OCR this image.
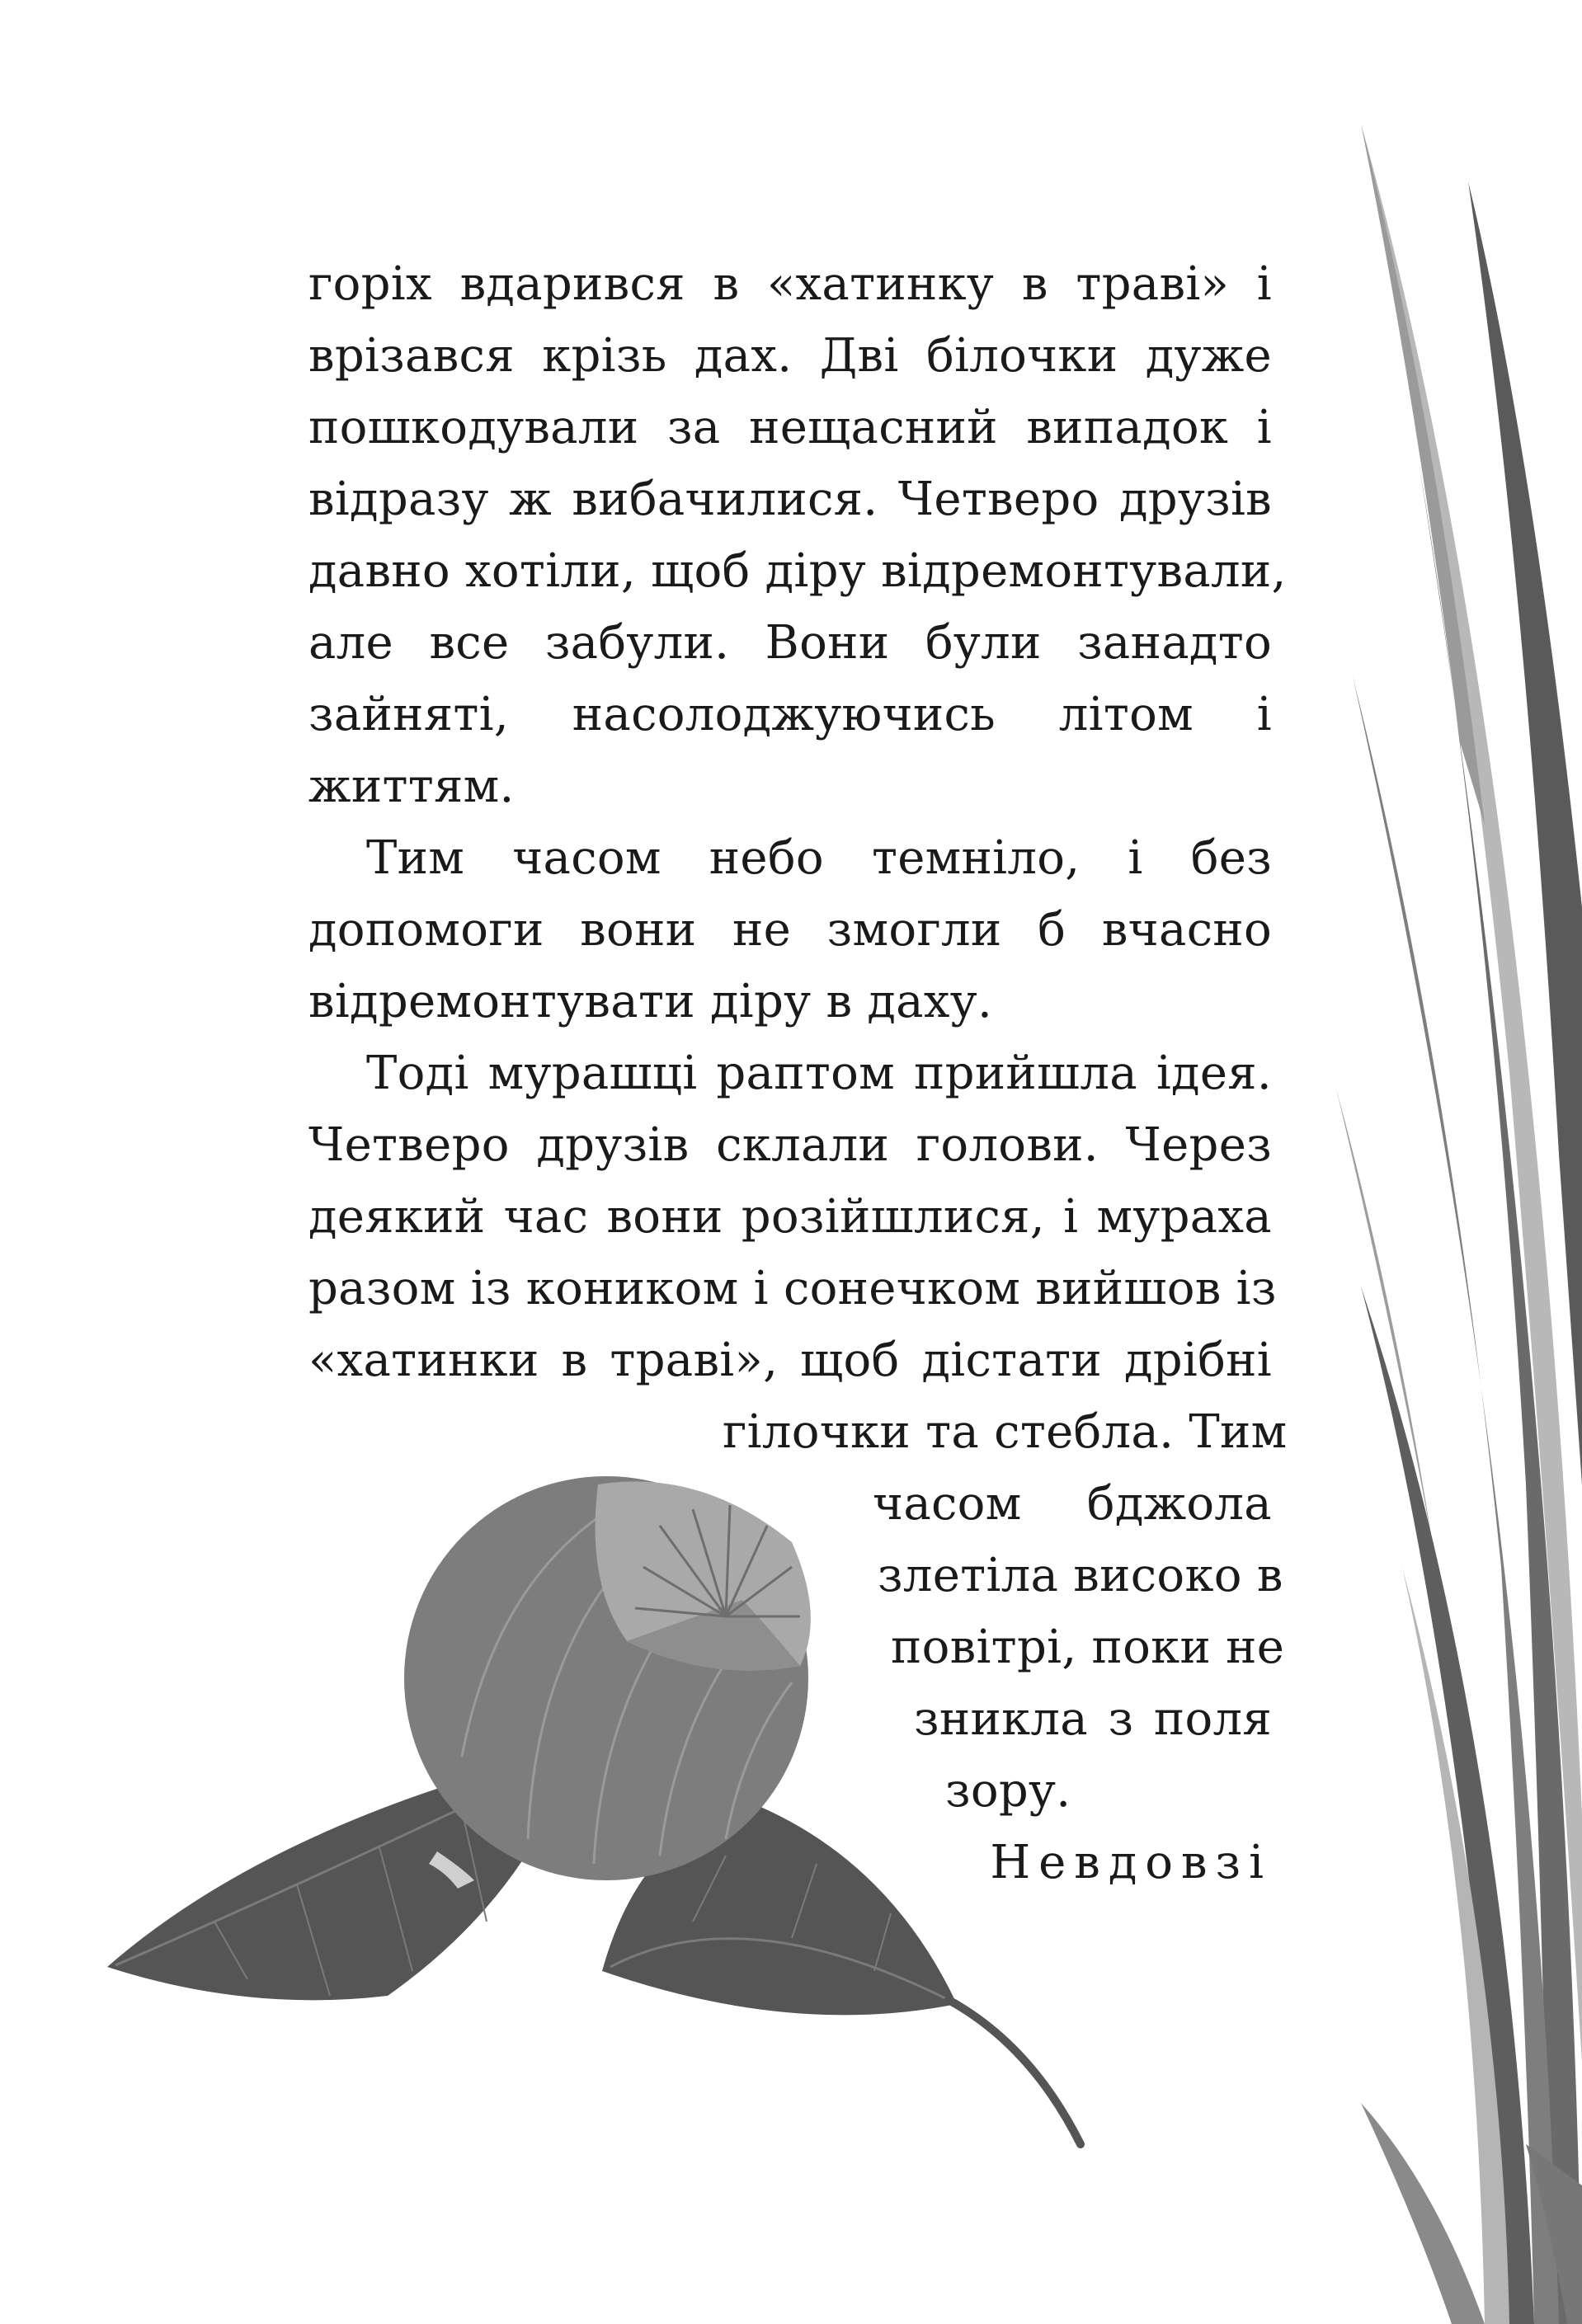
горіх вдарився в «хатинку в траві» і
врізався крізь дах. Дві білочки дуже
пошкодували за нещасний випадок і
відразу ж вибачилися. Четверо друзів
давно хотіли, щоб діру відремонтували,
але все забули. Вони були занадто
зайняті, насолоджуючись літом і
життям.
Тим часом небо темніло, і без
допомоги вони не змогли б вчасно
відремонтувати діру в даху.
Тоді мурашці раптом прийшла ідея.
Четверо друзів склали голови. Через
деякий час вони розійшлися, і мураха
разом із коником і сонечком вийшов із
«хатинки в траві», щоб дістати дрібні
гілочки та стебла. Тим
часом бджола
злетіла високо в
повітрі, поки не
зникла з поля
зору.
Невдовзі
